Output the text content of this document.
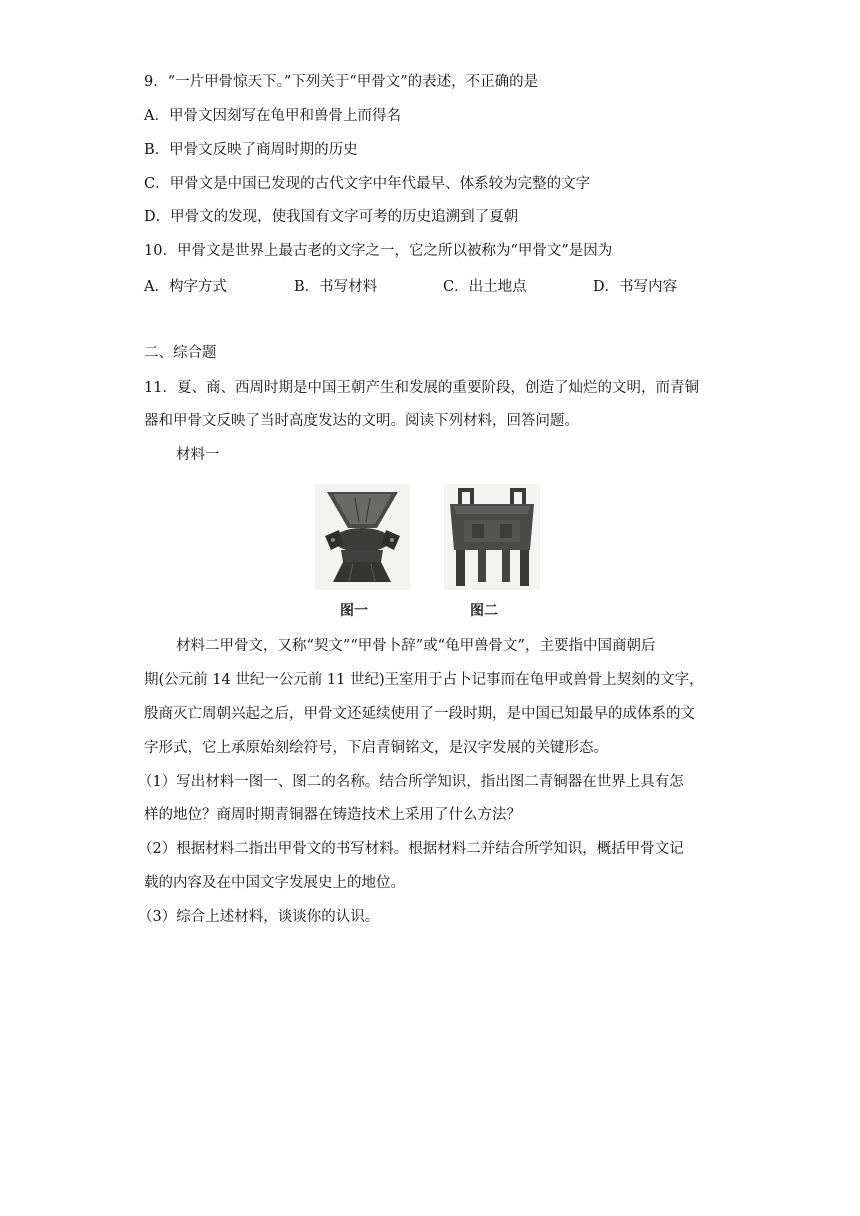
9．“一片甲骨惊天下。”下列关于“甲骨文”的表述，不正确的是
A．甲骨文因刻写在龟甲和兽骨上而得名
B．甲骨文反映了商周时期的历史
C．甲骨文是中国已发现的古代文字中年代最早、体系较为完整的文字
D．甲骨文的发现，使我国有文字可考的历史追溯到了夏朝
10．甲骨文是世界上最古老的文字之一，它之所以被称为“甲骨文”是因为
A．构字方式	B．书写材料	C．出土地点	D．书写内容
二、综合题
11．夏、商、西周时期是中国王朝产生和发展的重要阶段，创造了灿烂的文明，而青铜
器和甲骨文反映了当时高度发达的文明。阅读下列材料，回答问题。
材料一
图一	图二
材料二甲骨文，又称“契文”“甲骨卜辞”或“龟甲兽骨文”，主要指中国商朝后
期(公元前 14 世纪一公元前 11 世纪)王室用于占卜记事而在龟甲或兽骨上契刻的文字，
殷商灭亡周朝兴起之后，甲骨文还延续使用了一段时期，是中国已知最早的成体系的文
字形式，它上承原始刻绘符号，下启青铜铭文，是汉字发展的关键形态。
（1）写出材料一图一、图二的名称。结合所学知识，指出图二青铜器在世界上具有怎
样的地位？商周时期青铜器在铸造技术上采用了什么方法？
（2）根据材料二指出甲骨文的书写材料。根据材料二并结合所学知识，概括甲骨文记
载的内容及在中国文字发展史上的地位。
（3）综合上述材料，谈谈你的认识。
